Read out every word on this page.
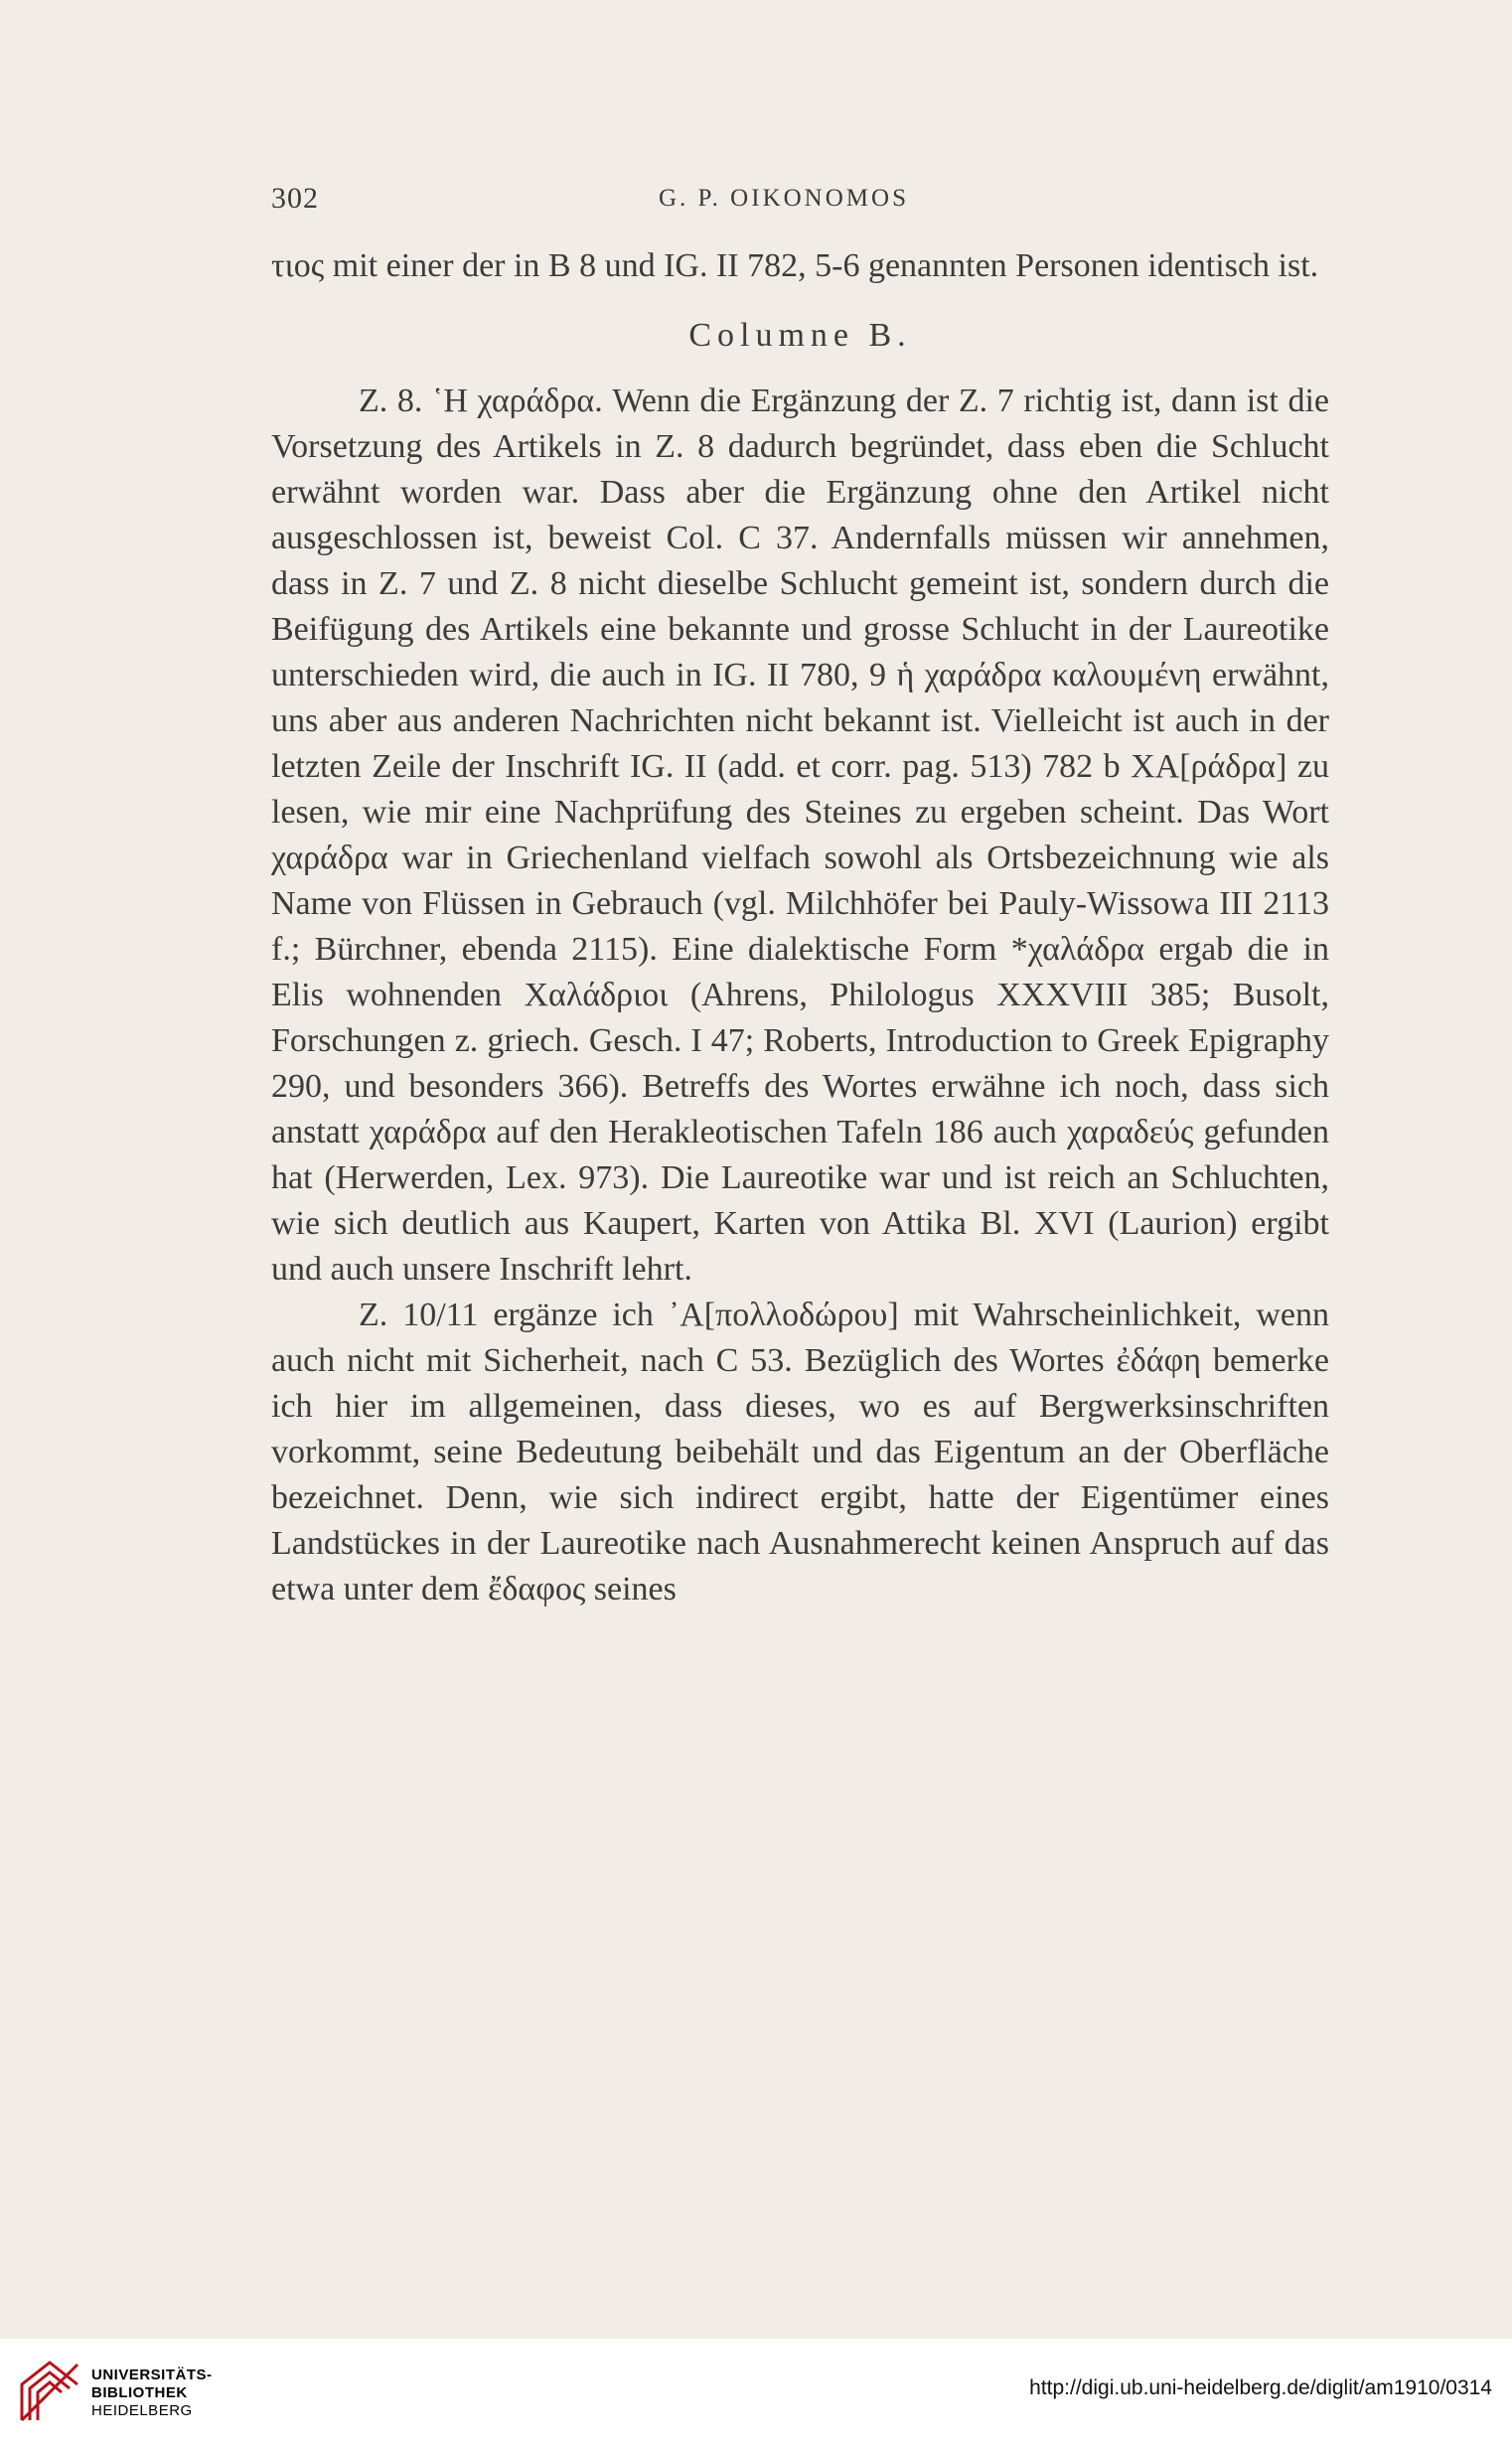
302	G. P. OIKONOMOS

τιος mit einer der in B 8 und IG. II 782, 5-6 genannten Personen identisch ist.

Columne B.

Z. 8. ῾Η χαράδρα. Wenn die Ergänzung der Z. 7 richtig ist, dann ist die Vorsetzung des Artikels in Z. 8 dadurch begründet, dass eben die Schlucht erwähnt worden war. Dass aber die Ergänzung ohne den Artikel nicht ausgeschlossen ist, beweist Col. C 37. Andernfalls müssen wir annehmen, dass in Z. 7 und Z. 8 nicht dieselbe Schlucht gemeint ist, sondern durch die Beifügung des Artikels eine bekannte und grosse Schlucht in der Laureotike unterschieden wird, die auch in IG. II 780, 9 ἡ χαράδρα καλουμένη erwähnt, uns aber aus anderen Nachrichten nicht bekannt ist. Vielleicht ist auch in der letzten Zeile der Inschrift IG. II (add. et corr. pag. 513) 782 b ΧΑ[ράδρα] zu lesen, wie mir eine Nachprüfung des Steines zu ergeben scheint. Das Wort χαράδρα war in Griechenland vielfach sowohl als Ortsbezeichnung wie als Name von Flüssen in Gebrauch (vgl. Milchhöfer bei Pauly-Wissowa III 2113 f.; Bürchner, ebenda 2115). Eine dialektische Form *χαλάδρα ergab die in Elis wohnenden Χαλάδριοι (Ahrens, Philologus XXXVIII 385; Busolt, Forschungen z. griech. Gesch. I 47; Roberts, Introduction to Greek Epigraphy 290, und besonders 366). Betreffs des Wortes erwähne ich noch, dass sich anstatt χαράδρα auf den Herakleotischen Tafeln 186 auch χαραδεύς gefunden hat (Herwerden, Lex. 973). Die Laureotike war und ist reich an Schluchten, wie sich deutlich aus Kaupert, Karten von Attika Bl. XVI (Laurion) ergibt und auch unsere Inschrift lehrt.

Z. 10/11 ergänze ich ᾿Α[πολλοδώρου] mit Wahrscheinlichkeit, wenn auch nicht mit Sicherheit, nach C 53. Bezüglich des Wortes ἐδάφη bemerke ich hier im allgemeinen, dass dieses, wo es auf Bergwerksinschriften vorkommt, seine Bedeutung beibehält und das Eigentum an der Oberfläche bezeichnet. Denn, wie sich indirect ergibt, hatte der Eigentümer eines Landstückes in der Laureotike nach Ausnahmerecht keinen Anspruch auf das etwa unter dem ἔδαφος seines

UNIVERSITÄTS-
BIBLIOTHEK
HEIDELBERG
http://digi.ub.uni-heidelberg.de/diglit/am1910/0314
